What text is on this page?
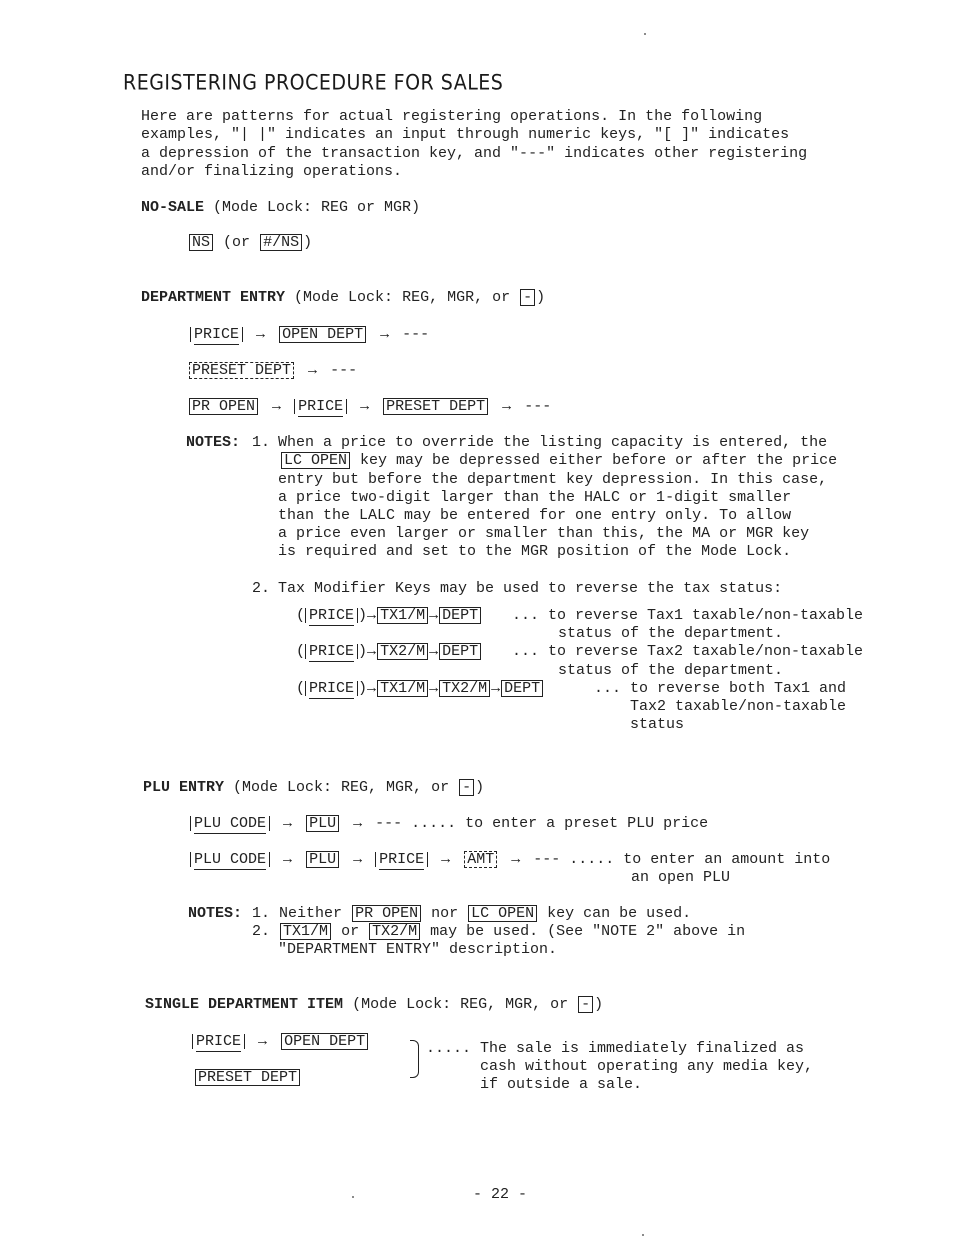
REGISTERING PROCEDURE FOR SALES
Here are patterns for actual registering operations. In the following
examples, "| |" indicates an input through numeric keys, "[ ]" indicates
a depression of the transaction key, and "---" indicates other registering
and/or finalizing operations.
NO-SALE (Mode Lock: REG or MGR)
NS (or #/NS )
DEPARTMENT ENTRY (Mode Lock: REG, MGR, or - )
PRICE → OPEN DEPT → ---
PRESET DEPT → ---
PR OPEN → PRICE → PRESET DEPT → ---
NOTES: 1. When a price to override the listing capacity is entered, the
LC OPEN key may be depressed either before or after the price
entry but before the department key depression. In this case,
a price two-digit larger than the HALC or 1-digit smaller
than the LALC may be entered for one entry only. To allow
a price even larger or smaller than this, the MA or MGR key
is required and set to the MGR position of the Mode Lock.
2. Tax Modifier Keys may be used to reverse the tax status:
( PRICE )→ TX1/M → DEPT ... to reverse Tax1 taxable/non-taxable
status of the department.
( PRICE )→ TX2/M → DEPT ... to reverse Tax2 taxable/non-taxable
status of the department.
( PRICE )→ TX1/M → TX2/M → DEPT	... to reverse both Tax1 and
Tax2 taxable/non-taxable
status
PLU ENTRY (Mode Lock: REG, MGR, or - )
PLU CODE → PLU → --- ..... to enter a preset PLU price
PLU CODE → PLU → PRICE → AMT → --- ..... to enter an amount into
an open PLU
NOTES: 1. Neither PR OPEN nor LC OPEN key can be used.
2. TX1/M or TX2/M may be used. (See "NOTE 2" above in
"DEPARTMENT ENTRY" description.
SINGLE DEPARTMENT ITEM (Mode Lock: REG, MGR, or - )
PRICE → OPEN DEPT
PRESET DEPT
..... The sale is immediately finalized as
cash without operating any media key,
if outside a sale.
- 22 -
